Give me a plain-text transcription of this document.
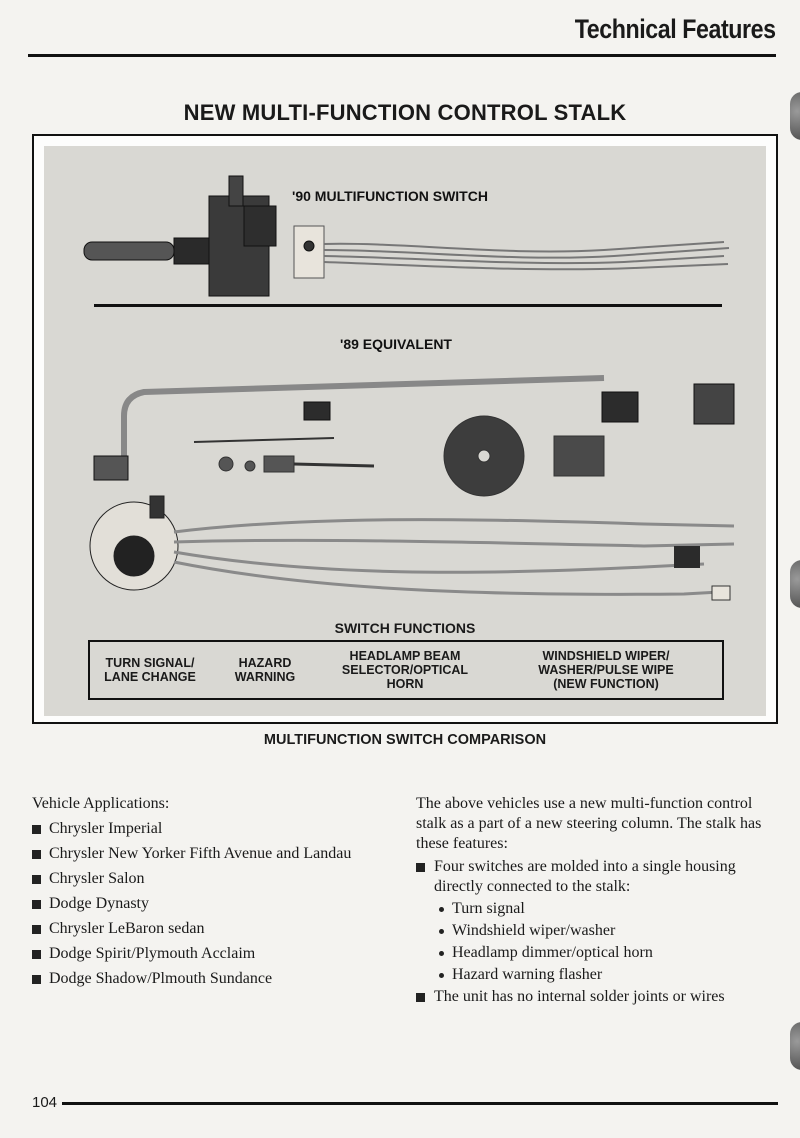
Technical Features
NEW MULTI-FUNCTION CONTROL STALK
'90 MULTIFUNCTION SWITCH
'89 EQUIVALENT
SWITCH FUNCTIONS
TURN SIGNAL/
LANE CHANGE
HAZARD
WARNING
HEADLAMP BEAM
SELECTOR/OPTICAL
HORN
WINDSHIELD WIPER/
WASHER/PULSE WIPE
(NEW FUNCTION)
MULTIFUNCTION SWITCH COMPARISON
Vehicle Applications:
Chrysler Imperial
Chrysler New Yorker Fifth Avenue and Landau
Chrysler Salon
Dodge Dynasty
Chrysler LeBaron sedan
Dodge Spirit/Plymouth Acclaim
Dodge Shadow/Plmouth Sundance
The above vehicles use a new multi-function control stalk as a part of a new steering column. The stalk has these features:
Four switches are molded into a single housing directly connected to the stalk:
Turn signal
Windshield wiper/washer
Headlamp dimmer/optical horn
Hazard warning flasher
The unit has no internal solder joints or wires
104
